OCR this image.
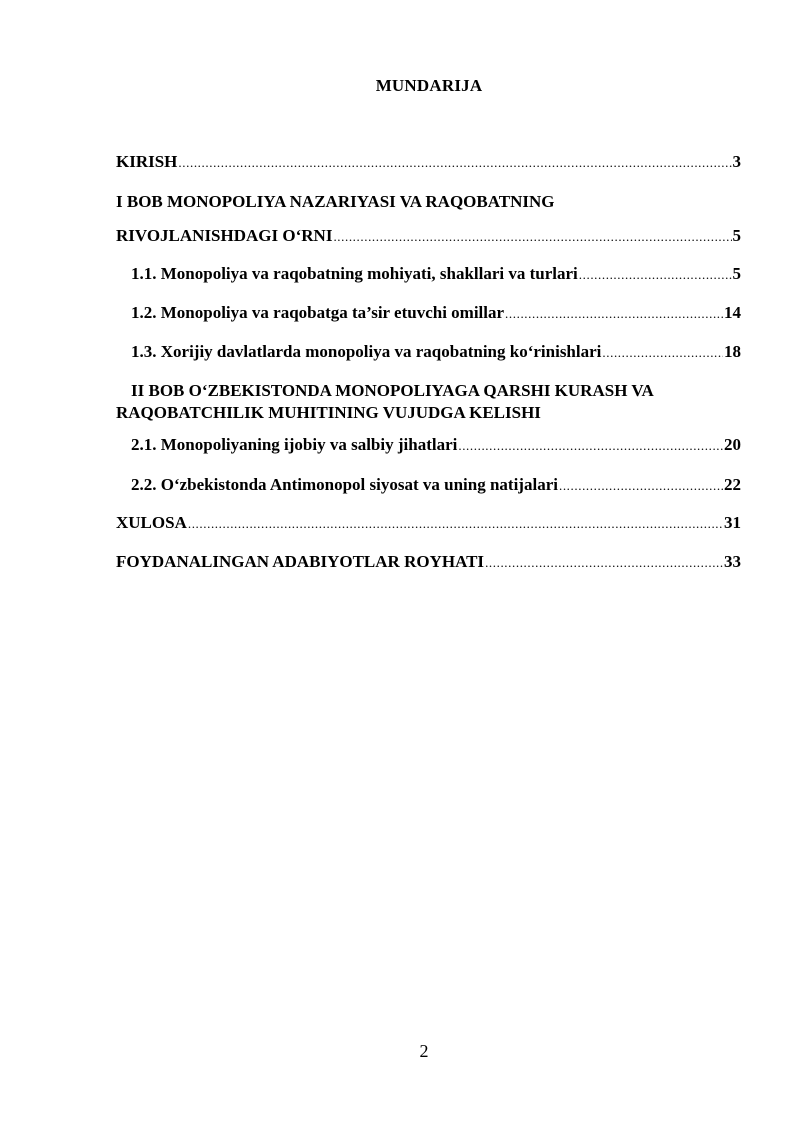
MUNDARIJA
KIRISH .....	3
I BOB MONOPOLIYA NAZARIYASI VA RAQOBATNING
RIVOJLANISHDAGI O‘RNI .....	5
1.1. Monopoliya va raqobatning mohiyati, shakllari va turlari .....	5
1.2. Monopoliya va raqobatga ta’sir etuvchi omillar .....	14
1.3. Xorijiy davlatlarda monopoliya va raqobatning ko‘rinishlari .....	18
II BOB O‘ZBEKISTONDA MONOPOLIYAGA QARSHI KURASH VA
RAQOBATCHILIK MUHITINING VUJUDGA KELISHI
2.1. Monopoliyaning ijobiy va salbiy jihatlari .....	20
2.2. O‘zbekistonda Antimonopol siyosat va uning natijalari .....	22
XULOSA .....	31
FOYDANALINGAN ADABIYOTLAR ROYHATI .....	33
2
